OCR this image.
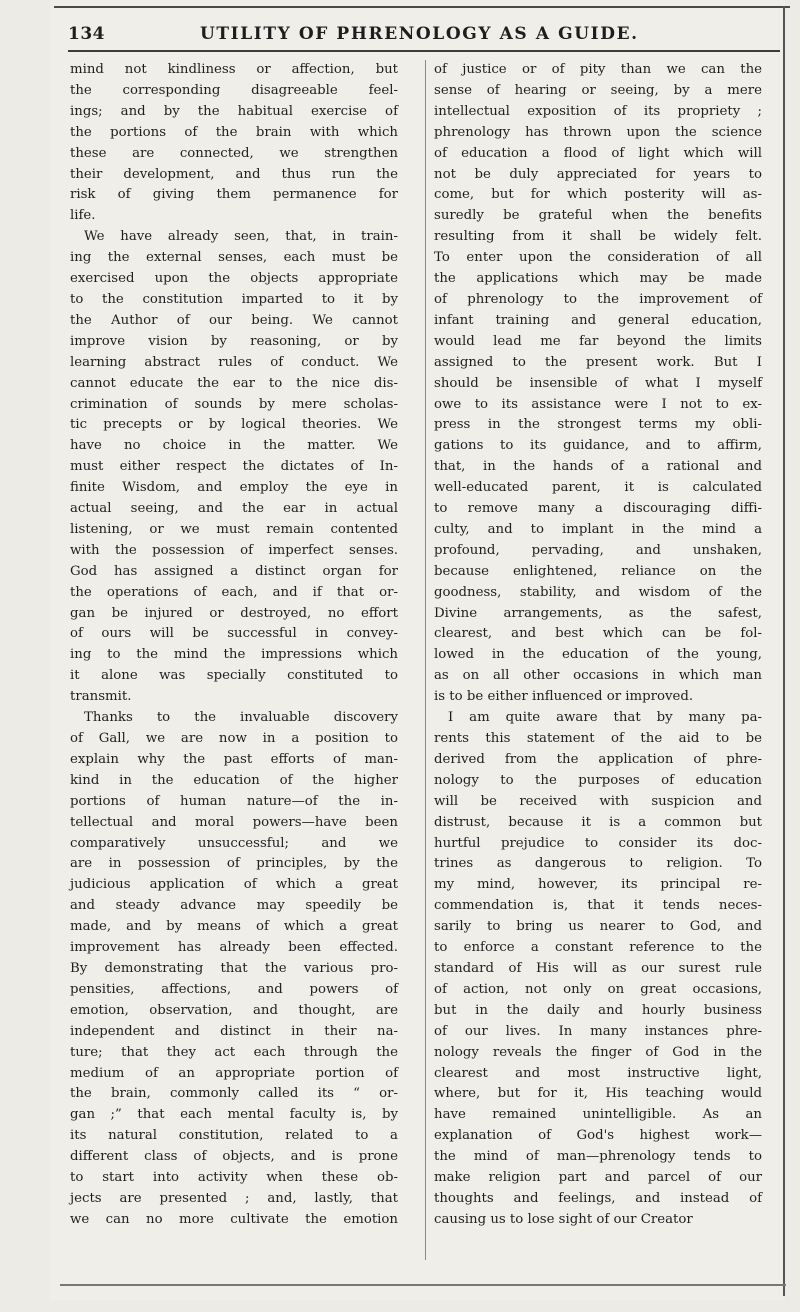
134	UTILITY OF PHRENOLOGY AS A GUIDE.
mind not kindliness or affection, but
the corresponding disagreeable feel-
ings; and by the habitual exercise of
the portions of the brain with which
these are connected, we strengthen
their development, and thus run the
risk of giving them permanence for
life.
We have already seen, that, in train-
ing the external senses, each must be
exercised upon the objects appropriate
to the constitution imparted to it by
the Author of our being. We cannot
improve vision by reasoning, or by
learning abstract rules of conduct. We
cannot educate the ear to the nice dis-
crimination of sounds by mere scholas-
tic precepts or by logical theories. We
have no choice in the matter. We
must either respect the dictates of In-
finite Wisdom, and employ the eye in
actual seeing, and the ear in actual
listening, or we must remain contented
with the possession of imperfect senses.
God has assigned a distinct organ for
the operations of each, and if that or-
gan be injured or destroyed, no effort
of ours will be successful in convey-
ing to the mind the impressions which
it alone was specially constituted to
transmit.
Thanks to the invaluable discovery
of Gall, we are now in a position to
explain why the past efforts of man-
kind in the education of the higher
portions of human nature—of the in-
tellectual and moral powers—have been
comparatively unsuccessful; and we
are in possession of principles, by the
judicious application of which a great
and steady advance may speedily be
made, and by means of which a great
improvement has already been effected.
By demonstrating that the various pro-
pensities, affections, and powers of
emotion, observation, and thought, are
independent and distinct in their na-
ture; that they act each through the
medium of an appropriate portion of
the brain, commonly called its “ or-
gan ;” that each mental faculty is, by
its natural constitution, related to a
different class of objects, and is prone
to start into activity when these ob-
jects are presented ; and, lastly, that
we can no more cultivate the emotion
of justice or of pity than we can the
sense of hearing or seeing, by a mere
intellectual exposition of its propriety ;
phrenology has thrown upon the science
of education a flood of light which will
not be duly appreciated for years to
come, but for which posterity will as-
suredly be grateful when the benefits
resulting from it shall be widely felt.
To enter upon the consideration of all
the applications which may be made
of phrenology to the improvement of
infant training and general education,
would lead me far beyond the limits
assigned to the present work. But I
should be insensible of what I myself
owe to its assistance were I not to ex-
press in the strongest terms my obli-
gations to its guidance, and to affirm,
that, in the hands of a rational and
well-educated parent, it is calculated
to remove many a discouraging diffi-
culty, and to implant in the mind a
profound, pervading, and unshaken,
because enlightened, reliance on the
goodness, stability, and wisdom of the
Divine arrangements, as the safest,
clearest, and best which can be fol-
lowed in the education of the young,
as on all other occasions in which man
is to be either influenced or improved.
I am quite aware that by many pa-
rents this statement of the aid to be
derived from the application of phre-
nology to the purposes of education
will be received with suspicion and
distrust, because it is a common but
hurtful prejudice to consider its doc-
trines as dangerous to religion. To
my mind, however, its principal re-
commendation is, that it tends neces-
sarily to bring us nearer to God, and
to enforce a constant reference to the
standard of His will as our surest rule
of action, not only on great occasions,
but in the daily and hourly business
of our lives. In many instances phre-
nology reveals the finger of God in the
clearest and most instructive light,
where, but for it, His teaching would
have remained unintelligible. As an
explanation of God's highest work—
the mind of man—phrenology tends to
make religion part and parcel of our
thoughts and feelings, and instead of
causing us to lose sight of our Creator
